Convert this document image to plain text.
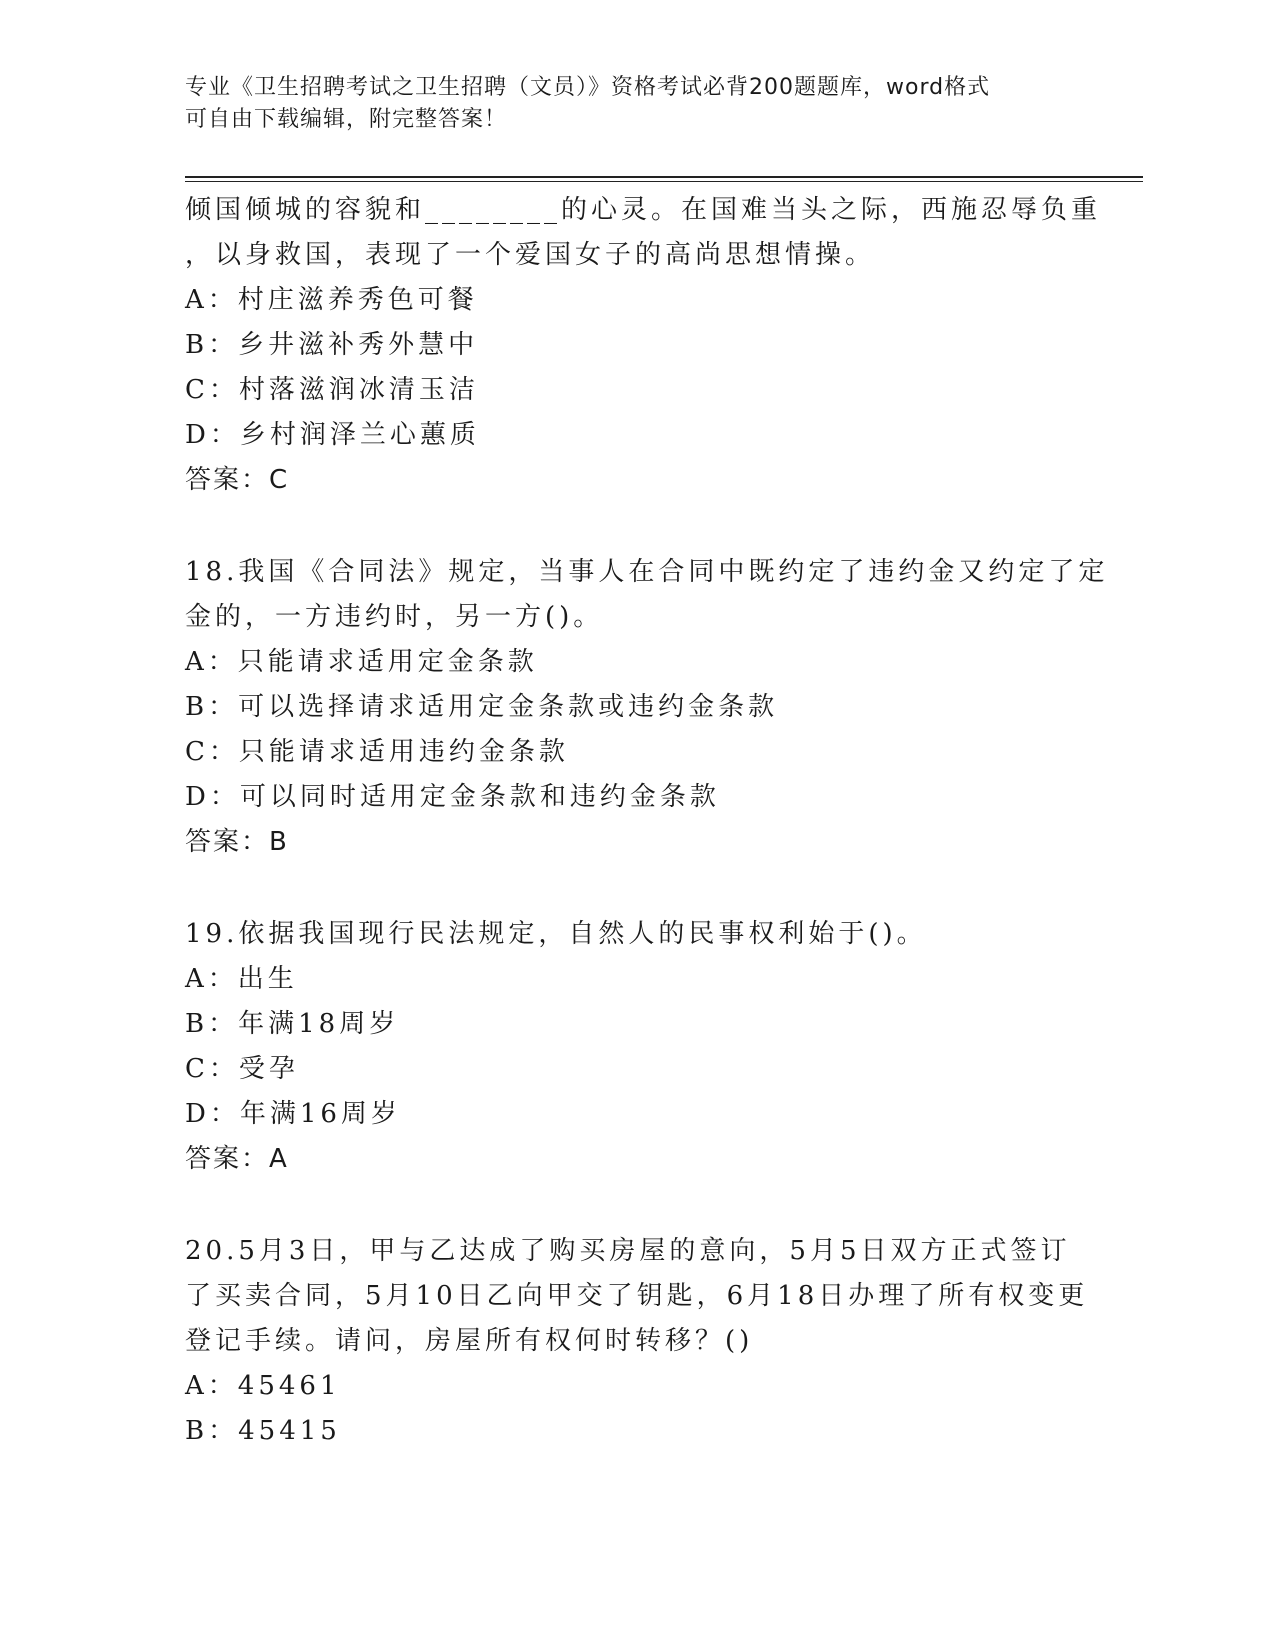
专业《卫生招聘考试之卫生招聘（文员）》资格考试必背200题题库，word格式
可自由下载编辑，附完整答案！
倾国倾城的容貌和________的心灵。在国难当头之际，西施忍辱负重
，以身救国，表现了一个爱国女子的高尚思想情操。
A：村庄滋养秀色可餐
B：乡井滋补秀外慧中
C：村落滋润冰清玉洁
D：乡村润泽兰心蕙质
答案：C
18.我国《合同法》规定，当事人在合同中既约定了违约金又约定了定
金的，一方违约时，另一方()。
A：只能请求适用定金条款
B：可以选择请求适用定金条款或违约金条款
C：只能请求适用违约金条款
D：可以同时适用定金条款和违约金条款
答案：B
19.依据我国现行民法规定，自然人的民事权利始于()。
A：出生
B：年满18周岁
C：受孕
D：年满16周岁
答案：A
20.5月3日，甲与乙达成了购买房屋的意向，5月5日双方正式签订
了买卖合同，5月10日乙向甲交了钥匙，6月18日办理了所有权变更
登记手续。请问，房屋所有权何时转移？()
A：45461
B：45415
